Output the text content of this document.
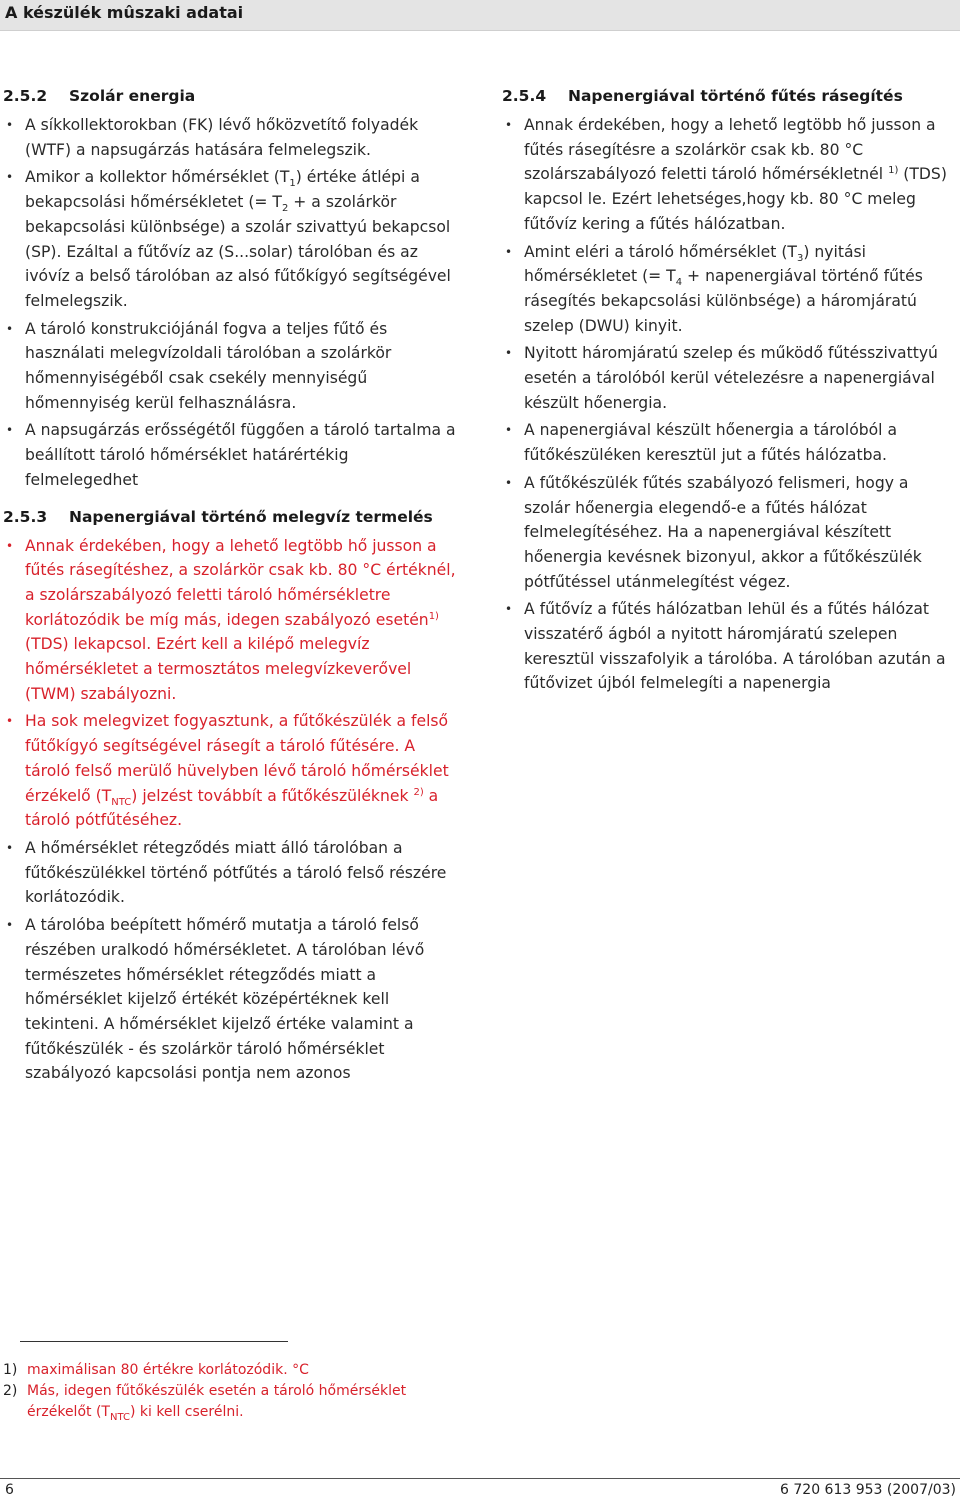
A készülék mûszaki adatai
2.5.2 Szolár energia
• A síkkollektorokban (FK) lévő hőközvetítő folyadék (WTF) a napsugárzás hatására felmelegszik.
• Amikor a kollektor hőmérséklet $(T_1)$ értéke átlépi a bekapcsolási hőmérsékletet (= $T_2 + a$ szolárkör bekapcsolási különbsége) a szolár szivattyú bekapcsol (SP). Ezáltal a fűtővíz az (S...solar) tárolóban és az ivóvíz a belső tárolóban az alsó fűtőkígyó segítségével felmelegszik.
• A tároló konstrukciójánál fogva a teljes fűtő és használati melegvízoldali tárolóban a szolárkör hőmennyiségéből csak csekély mennyiségű hőmennyiség kerül felhasználásra.
• A napsugárzás erősségétől függően a tároló tartalma a beállított tároló hőmérséklet határértékig felmelegedhet
2.5.3 Napenergiával történő melegvíz termelés
• Annak érdekében, hogy a lehető legtöbb hő jusson a fűtés rásegítéshez, a szolárkör csak kb. 80 °C értéknél, a szolárszabályozó feletti tároló hőmérsékletre korlátozódik be míg más, idegen szabályozó esetén$^{1)}$ (TDS) lekapcsol. Ezért kell a kilépő melegvíz hőmérsékletet a termosztátos melegvízkeverővel (TWM) szabályozni.
• Ha sok melegvizet fogyasztunk, a fűtőkészülék a felső fűtőkígyó segítségével rásegít a tároló fűtésére. A tároló felső merülő hüvelyben lévő tároló hőmérséklet érzékelő $(T_{NTC})$ jelzést továbbít a fűtőkészüléknek $^{2)}$ a tároló pótfűtéséhez.
• A hőmérséklet rétegződés miatt álló tárolóban a fűtőkészülékkel történő pótfűtés a tároló felső részére korlátozódik.
• A tárolóba beépített hőmérő mutatja a tároló felső részében uralkodó hőmérsékletet. A tárolóban lévő természetes hőmérséklet rétegződés miatt a hőmérséklet kijelző értékét középértéknek kell tekinteni. A hőmérséklet kijelző értéke valamint a fűtőkészülék - és szolárkör tároló hőmérséklet szabályozó kapcsolási pontja nem azonos
2.5.4 Napenergiával történő fűtés rásegítés
• Annak érdekében, hogy a lehető legtöbb hő jusson a fűtés rásegítésre a szolárkör csak kb. 80 °C szolárszabályozó feletti tároló hőmérsékletnél $^{1)}$ (TDS) kapcsol le. Ezért lehetséges,hogy kb. 80 °C meleg fűtővíz kering a fűtés hálózatban.
• Amint eléri a tároló hőmérséklet $(T_3)$ nyitási hőmérsékletet (= $T_4$ + napenergiával történő fűtés rásegítés bekapcsolási különbsége) a háromjáratú szelep (DWU) kinyit.
• Nyitott háromjáratú szelep és működő fűtésszivattyú esetén a tárolóból kerül vételezésre a napenergiával készült hőenergia.
• A napenergiával készült hőenergia a tárolóból a fűtőkészüléken keresztül jut a fűtés hálózatba.
• A fűtőkészülék fűtés szabályozó felismeri, hogy a szolár hőenergia elegendő-e a fűtés hálózat felmelegítéséhez. Ha a napenergiával készített hőenergia kevésnek bizonyul, akkor a fűtőkészülék pótfűtéssel utánmelegítést végez.
• A fűtővíz a fűtés hálózatban lehül és a fűtés hálózat visszatérő ágból a nyitott háromjáratú szelepen keresztül visszafolyik a tárolóba. A tárolóban azután a fűtővizet újból felmelegíti a napenergia
1) maximálisan 80 értékre korlátozódik. °C
2) Más, idegen fűtőkészülék esetén a tároló hőmérséklet érzékelőt $(T_{NTC})$ ki kell cserélni.
6	6 720 613 953 (2007/03)
